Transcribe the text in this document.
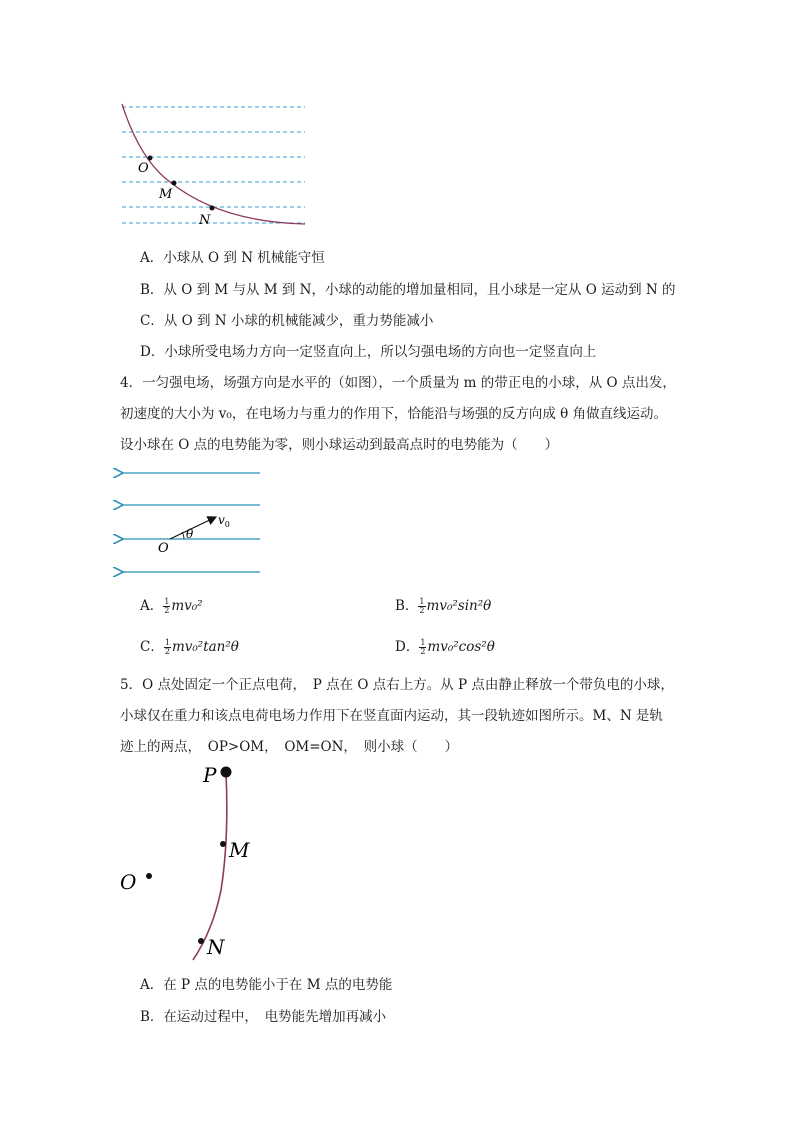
O
M
N
A．小球从 O 到 N 机械能守恒
B．从 O 到 M 与从 M 到 N，小球的动能的增加量相同，且小球是一定从 O 运动到 N 的
C．从 O 到 N 小球的机械能减少，重力势能减小
D．小球所受电场力方向一定竖直向上，所以匀强电场的方向也一定竖直向上
4．一匀强电场，场强方向是水平的（如图），一个质量为 m 的带正电的小球，从 O 点出发，
初速度的大小为 v₀，在电场力与重力的作用下，恰能沿与场强的反方向成 θ 角做直线运动。
设小球在 O 点的电势能为零，则小球运动到最高点时的电势能为（　　）
θ
$v_0$
O
A． $\frac{1}{2} mv_0^2$	B． $\frac{1}{2} mv_0^2\sin^2\theta$
C． $\frac{1}{2} mv_0^2\tan^2\theta$	D． $\frac{1}{2} mv_0^2\cos^2\theta$
5．O 点处固定一个正点电荷，　P 点在 O 点右上方。从 P 点由静止释放一个带负电的小球，
小球仅在重力和该点电荷电场力作用下在竖直面内运动，其一段轨迹如图所示。M、N 是轨
迹上的两点，　OP>OM，　OM=ON，　则小球（　　）
P
M
N
O
A．在 P 点的电势能小于在 M 点的电势能
B．在运动过程中，　电势能先增加再减小
